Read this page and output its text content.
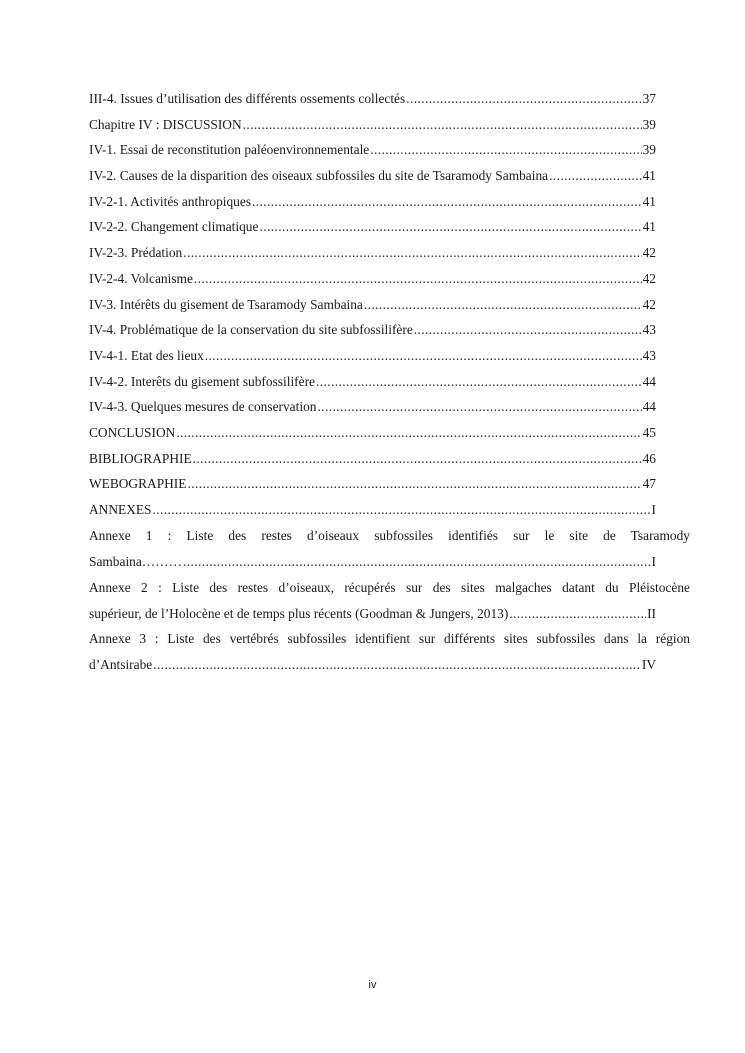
III-4. Issues d’utilisation des différents ossements collectés .....	37
Chapitre IV : DISCUSSION .....	39
IV-1. Essai de reconstitution paléoenvironnementale .....	39
IV-2. Causes de la disparition des oiseaux subfossiles du site de Tsaramody Sambaina .....	41
IV-2-1. Activités anthropiques .....	41
IV-2-2. Changement climatique .....	41
IV-2-3. Prédation .....	42
IV-2-4. Volcanisme .....	42
IV-3. Intérêts du gisement de Tsaramody Sambaina .....	42
IV-4. Problématique de la conservation du site subfossilifère .....	43
IV-4-1. Etat des lieux .....	43
IV-4-2. Interêts du gisement subfossilifère .....	44
IV-4-3. Quelques mesures de conservation .....	44
CONCLUSION .....	45
BIBLIOGRAPHIE .....	46
WEBOGRAPHIE .....	47
ANNEXES .....	I
Annexe 1 : Liste des restes d’oiseaux subfossiles identifiés sur le site de Tsaramody
Sambaina……… .....	I
Annexe 2 : Liste des restes d’oiseaux, récupérés sur des sites malgaches datant du Pléistocène
supérieur, de l’Holocène et de temps plus récents (Goodman & Jungers, 2013) .....	II
Annexe 3 : Liste des vertébrés subfossiles identifient sur différents sites subfossiles dans la région
d’Antsirabe .....	IV
iv
